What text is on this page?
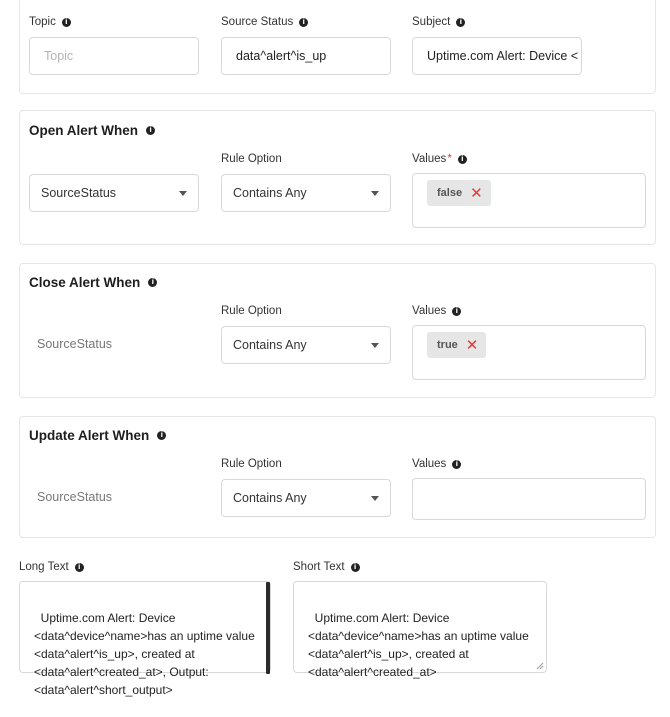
Topic	i
Topic
Source Status	i
data^alert^is_up
Subject	i
Uptime.com Alert: Device <
Open Alert When	i
SourceStatus
Rule Option
Contains Any
Values *	i
false ✕
Close Alert When	i
SourceStatus
Rule Option
Contains Any
Values	i
true ✕
Update Alert When	i
SourceStatus
Rule Option
Contains Any
Values	i
Long Text	i

Uptime.com Alert: Device
<data^device^name>has an uptime value
<data^alert^is_up>, created at
<data^alert^created_at>, Output:
<data^alert^short_output>

Short Text	i

Uptime.com Alert: Device
<data^device^name>has an uptime value
<data^alert^is_up>, created at
<data^alert^created_at>
